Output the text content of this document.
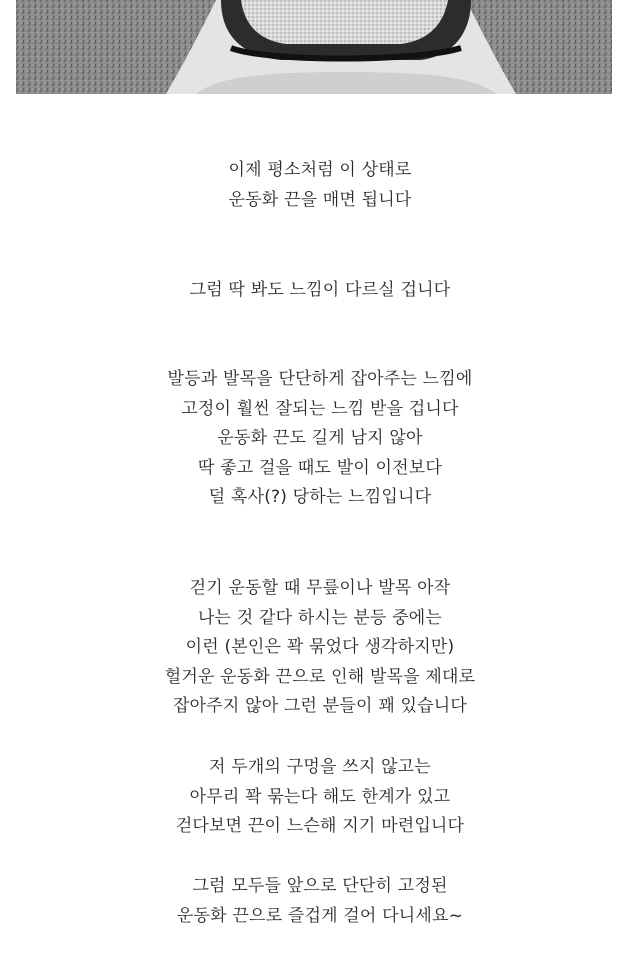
이제 평소처럼 이 상태로
운동화 끈을 매면 됩니다
그럼 딱 봐도 느낌이 다르실 겁니다
발등과 발목을 단단하게 잡아주는 느낌에
고정이 훨씬 잘되는 느낌 받을 겁니다
운동화 끈도 길게 남지 않아
딱 좋고 걸을 때도 발이 이전보다
덜 혹사(?) 당하는 느낌입니다
걷기 운동할 때 무릎이나 발목 아작
나는 것 같다 하시는 분등 중에는
이런 (본인은 꽉 묶었다 생각하지만)
헐거운 운동화 끈으로 인해 발목을 제대로
잡아주지 않아 그런 분들이 꽤 있습니다
저 두개의 구멍을 쓰지 않고는
아무리 꽉 묶는다 해도 한계가 있고
걷다보면 끈이 느슨해 지기 마련입니다
그럼 모두들 앞으로 단단히 고정된
운동화 끈으로 즐겁게 걸어 다니세요~
